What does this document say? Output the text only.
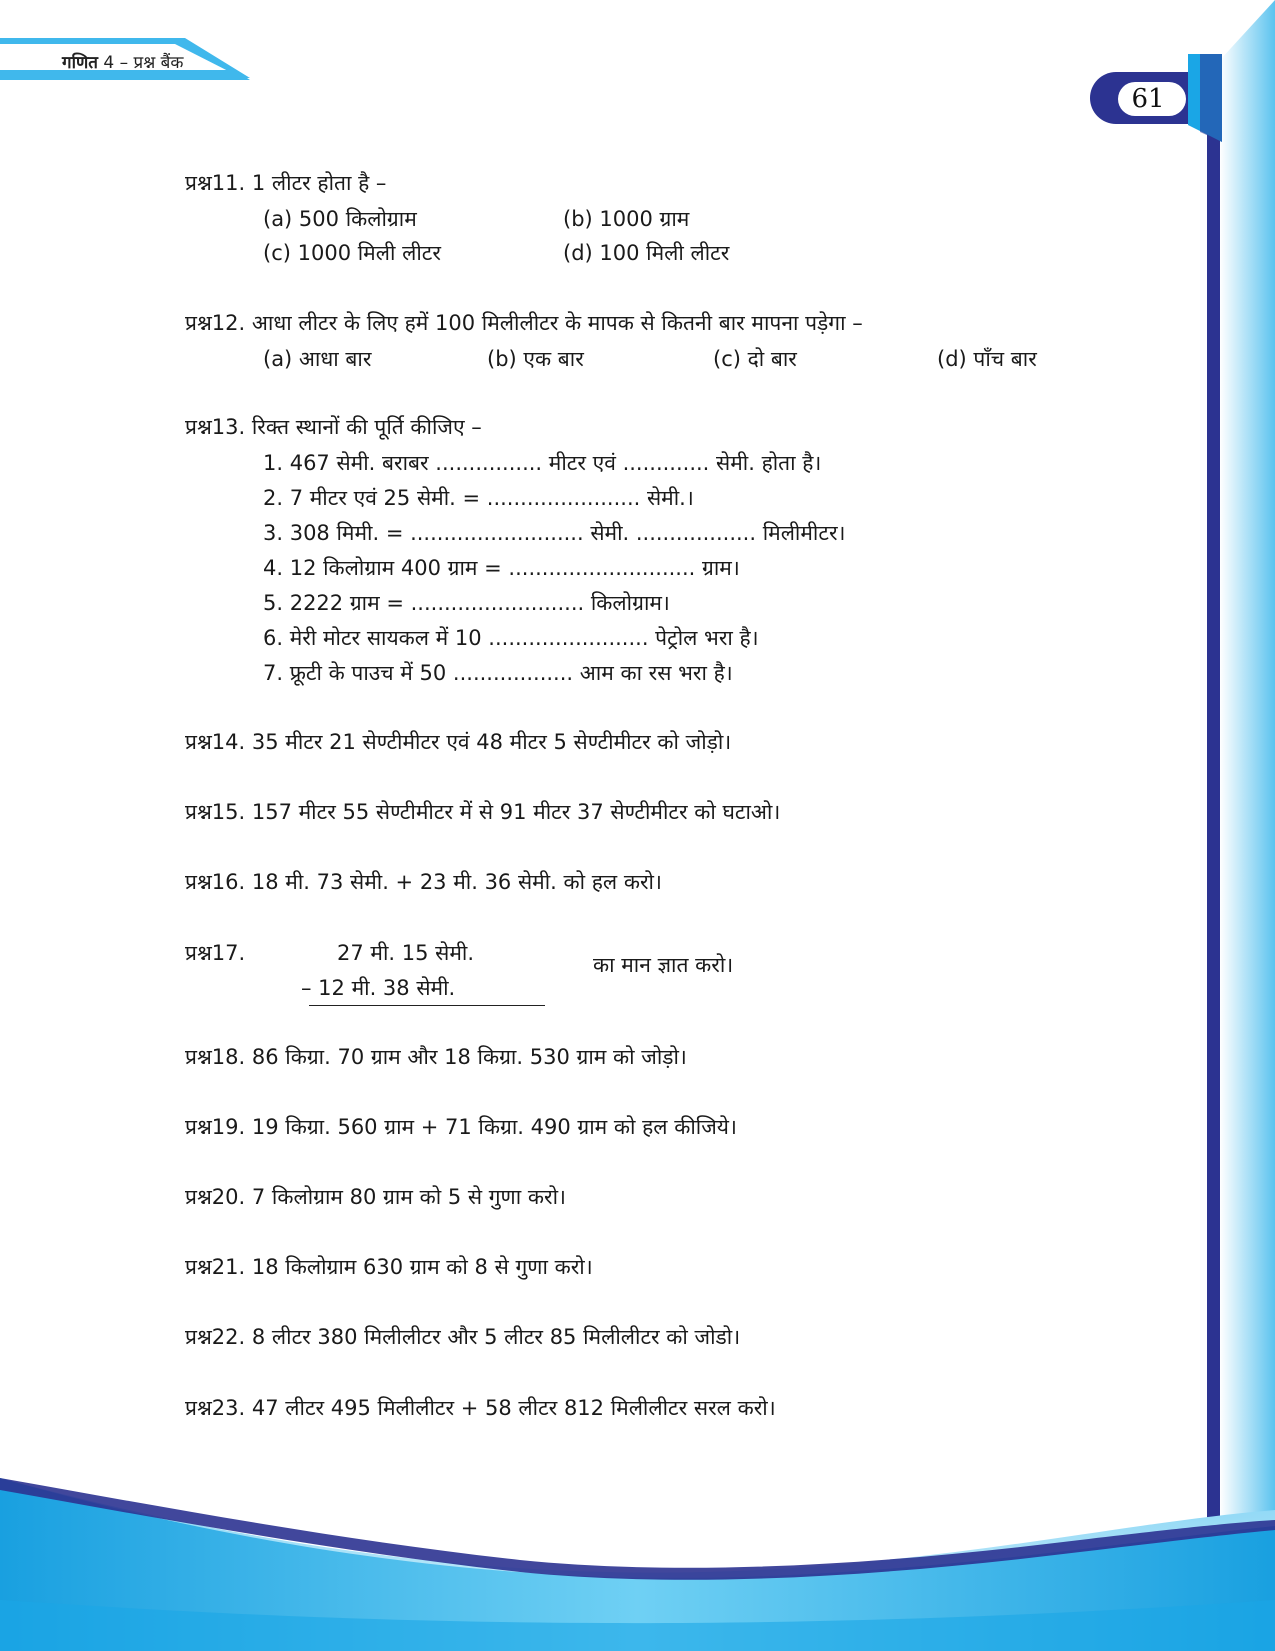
गणित 4 – प्रश्न बैंक
61
प्रश्न11. 1 लीटर होता है –
(a) 500 किलोग्राम	(b) 1000 ग्राम
(c) 1000 मिली लीटर	(d) 100 मिली लीटर
प्रश्न12. आधा लीटर के लिए हमें 100 मिलीलीटर के मापक से कितनी बार मापना पड़ेगा –
(a) आधा बार	(b) एक बार	(c) दो बार	(d) पाँच बार
प्रश्न13. रिक्त स्थानों की पूर्ति कीजिए –
1. 467 सेमी. बराबर ................ मीटर एवं ............. सेमी. होता है।
2. 7 मीटर एवं 25 सेमी. = ....................... सेमी.।
3. 308 मिमी. = .......................... सेमी. .................. मिलीमीटर।
4. 12 किलोग्राम 400 ग्राम = ............................ ग्राम।
5. 2222 ग्राम = .......................... किलोग्राम।
6. मेरी मोटर सायकल में 10 ........................ पेट्रोल भरा है।
7. फ्रूटी के पाउच में 50 .................. आम का रस भरा है।
प्रश्न14. 35 मीटर 21 सेण्टीमीटर एवं 48 मीटर 5 सेण्टीमीटर को जोड़ो।
प्रश्न15. 157 मीटर 55 सेण्टीमीटर में से 91 मीटर 37 सेण्टीमीटर को घटाओ।
प्रश्न16. 18 मी. 73 सेमी. + 23 मी. 36 सेमी. को हल करो।
प्रश्न17.	27 मी. 15 सेमी.
– 12 मी. 38 सेमी.
का मान ज्ञात करो।
प्रश्न18. 86 किग्रा. 70 ग्राम और 18 किग्रा. 530 ग्राम को जोड़ो।
प्रश्न19. 19 किग्रा. 560 ग्राम + 71 किग्रा. 490 ग्राम को हल कीजिये।
प्रश्न20. 7 किलोग्राम 80 ग्राम को 5 से गुणा करो।
प्रश्न21. 18 किलोग्राम 630 ग्राम को 8 से गुणा करो।
प्रश्न22. 8 लीटर 380 मिलीलीटर और 5 लीटर 85 मिलीलीटर को जोडो।
प्रश्न23. 47 लीटर 495 मिलीलीटर + 58 लीटर 812 मिलीलीटर सरल करो।
